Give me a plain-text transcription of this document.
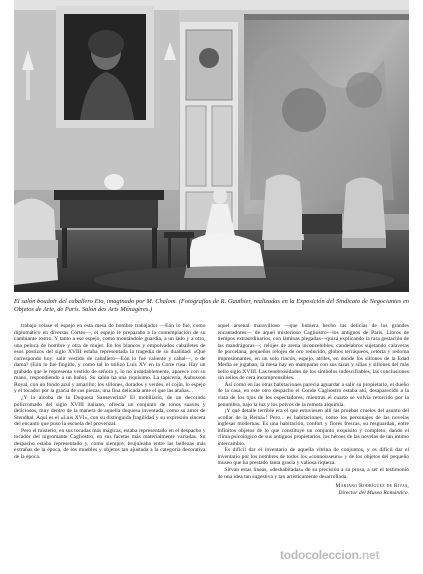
El salón boudoir del caballero Eto, imaginado por M. Chalom. (Fotografías de R. Gauthier, realizadas en la Exposición del Sindicato de Negociantes en Objetos de Arte, de París. Salón des Arts Ménagères.)

trabajo veíase el espejo en esta mesa de hombre trabajador —Eón lo fué, como diplomático en diversas Cortes—, el espejo le preparaba a la contemplación de su cambiante rostro. Y tanto a ese espejo, como montándole guardia, a un lado y a otro, una peluca de hombre y otra de mujer. En los blancos y empolvados caballetes de esos postizos del siglo XVIII estaba representada la tragedia de su dualidad: «Qué correspondo hoy: salir vestido de caballero—Eón lo fué valiente y cabal—, o de dama? (Eón lo fué fingido, y como tal lo utilizó Luis XV en la Corte rusa. Hay un grabado que le representa vestido de señora y, lo no indudablemente, aparece con su mano, respondiendo a un baño). Su salón ha una riquísimo. La tapicería, Aubusson Royal, con un fondo azul y amarillo; los sillones, dorados y verdes, el cojín, lo espejo y el tocador por la gracia de sus piezas, una fina delicada ante el que las arañas...

¿Y la alcoba de la Duquesa Sanseverina? El mobiliario, de un decorado policromado del siglo XVIII italiano, ofrecía un conjunto de tonos suaves y deliciosos, muy dentro de la manera de aquella duquesa inventada, como su amor de Stendhal. Aquí es el «Luis XVI», con su distinguida fragilidad y su expresión sincera del encanto que puso la escuela del provenzal.

Pero el misterio, en sus tocadas más mágicas, estaba representado en el despacho y tocador del nigromante Cagliostro, en sus facetas más materialmente variadas. Su despacho estaba representado y, como siempre, brujuleaba entre las bellezas más extrañas de la época, de los muebles y objetos tan ajustada a la categoría decorativa de la época.

aquel arsenal maravilloso —que hubiera hecho las delicias de los grandes encantadores— de aquel misterioso Cagliostro—los antiguos de París. Libros de tiempos extraordinarios, con láminas plegadas—quizá explicando la rara gestación de las mandrágoras—; relojes de arena inconcebibles, candelabros sujetando calaveras de porcelana, pequeños relojes de oro reducido, globos terráqueos, retorta y redoma impresionantes, en un solo rincón, espejo, atriles, en donde los sillones de la Edad Media se jugaban, la mesa hay en mamparas con sus tazas y sillas y sillones del más bello siglo XVIII. Las tenebrosidades de los símbolos indescifrables, las conclusiones sin sellos de cera incomprensibles.

Así como en las otras habitaciones parecía aguardar a salir su propietario, el dueño de la casa, en este otro despacho el Conde Cagliostro estaba ahí, desaparecido a la vista de los ojos de los espectadores, mientras el cuarto se volvía retorcido por la penumbra, bajo la luz y los polvos de la remota alquimia.

¡Y qué detalle terrible era el que estuviesen allí las pruebas crueles del asunto del «collar de la Reina»! Pero... es habitaciones, como los personajes de las novelas inglesas modernas. Es una habitación, confort y flores frescas, su resguardan, entre infinitos objetos de lo que constituye un conjunto exquisito y completo, dando el clima psicológico de sus antiguos propietarios, los héroes de las novelas de tan intimo intercambio.

Es difícil dar el inventario de aquella vitrina de conjuntos, y es difícil dar el inventario por los nombres de todos los «connoisseurs» y de los objetos del pequeño museo que ha prestado tanta gracia y valiosa riqueza.

Sirvan estas líneas, «deshabitadas» de su precisión a su prosa, a ser el testimonio de una idea tan sugestiva y tan artísticamente desarrollada.

Mariano Rodríguez de Rivas,
Director del Museo Romántico.
todocoleccion.net
